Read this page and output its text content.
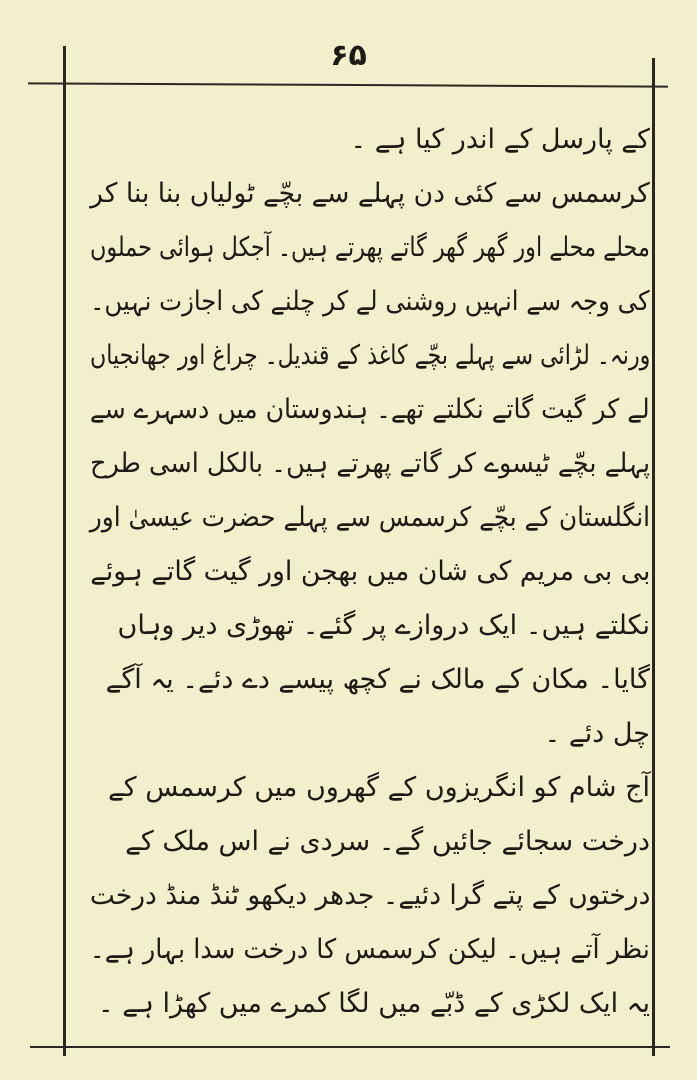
۶۵
کے پارسل کے اندر کیا ہے ۔
کرسمس سے کئی دن پہلے سے بچّے ٹولیاں بنا بنا کر
محلے محلے اور گھر گھر گاتے پھرتے ہیں۔ آجکل ہوائی حملوں
کی وجہ سے انہیں روشنی لے کر چلنے کی اجازت نہیں۔
ورنہ۔ لڑائی سے پہلے بچّے کاغذ کے قندیل۔ چراغ اور جھانجیاں
لے کر گیت گاتے نکلتے تھے۔ ہندوستان میں دسہرے سے
پہلے بچّے ٹیسوے کر گاتے پھرتے ہیں۔ بالکل اسی طرح
انگلستان کے بچّے کرسمس سے پہلے حضرت عیسیٰ اور
بی بی مریم کی شان میں بھجن اور گیت گاتے ہوئے
نکلتے ہیں۔ ایک دروازے پر گئے۔ تھوڑی دیر وہاں
گایا۔ مکان کے مالک نے کچھ پیسے دے دئے۔ یہ آگے
چل دئے ۔
آج شام کو انگریزوں کے گھروں میں کرسمس کے
درخت سجائے جائیں گے۔ سردی نے اس ملک کے
درختوں کے پتے گرا دئیے۔ جدھر دیکھو ٹنڈ منڈ درخت
نظر آتے ہیں۔ لیکن کرسمس کا درخت سدا بہار ہے۔
یہ ایک لکڑی کے ڈبّے میں لگا کمرے میں کھڑا ہے ۔
